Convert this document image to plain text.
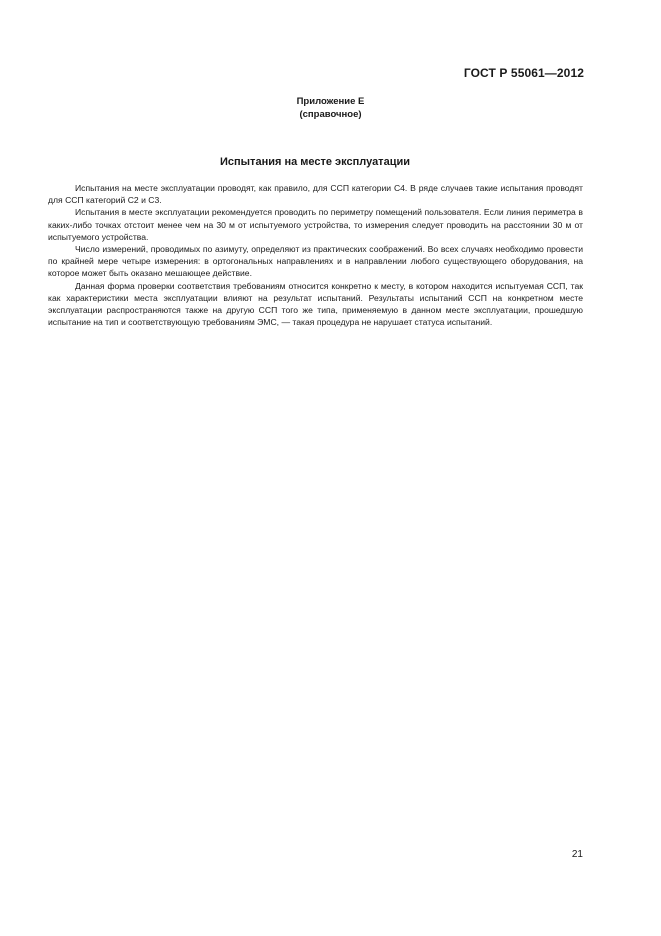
ГОСТ Р 55061—2012
Приложение Е
(справочное)
Испытания на месте эксплуатации

Испытания на месте эксплуатации проводят, как правило, для ССП категории С4. В ряде случаев такие испытания проводят для ССП категорий С2 и С3.

Испытания в месте эксплуатации рекомендуется проводить по периметру помещений пользователя. Если линия периметра в каких-либо точках отстоит менее чем на 30 м от испытуемого устройства, то измерения следует проводить на расстоянии 30 м от испытуемого устройства.

Число измерений, проводимых по азимуту, определяют из практических соображений. Во всех случаях необходимо провести по крайней мере четыре измерения: в ортогональных направлениях и в направлении любого существующего оборудования, на которое может быть оказано мешающее действие.

Данная форма проверки соответствия требованиям относится конкретно к месту, в котором находится испытуемая ССП, так как характеристики места эксплуатации влияют на результат испытаний. Результаты испытаний ССП на конкретном месте эксплуатации распространяются также на другую ССП того же типа, применяемую в данном месте эксплуатации, прошедшую испытание на тип и соответствующую требованиям ЭМС, — такая процедура не нарушает статуса испытаний.

21
